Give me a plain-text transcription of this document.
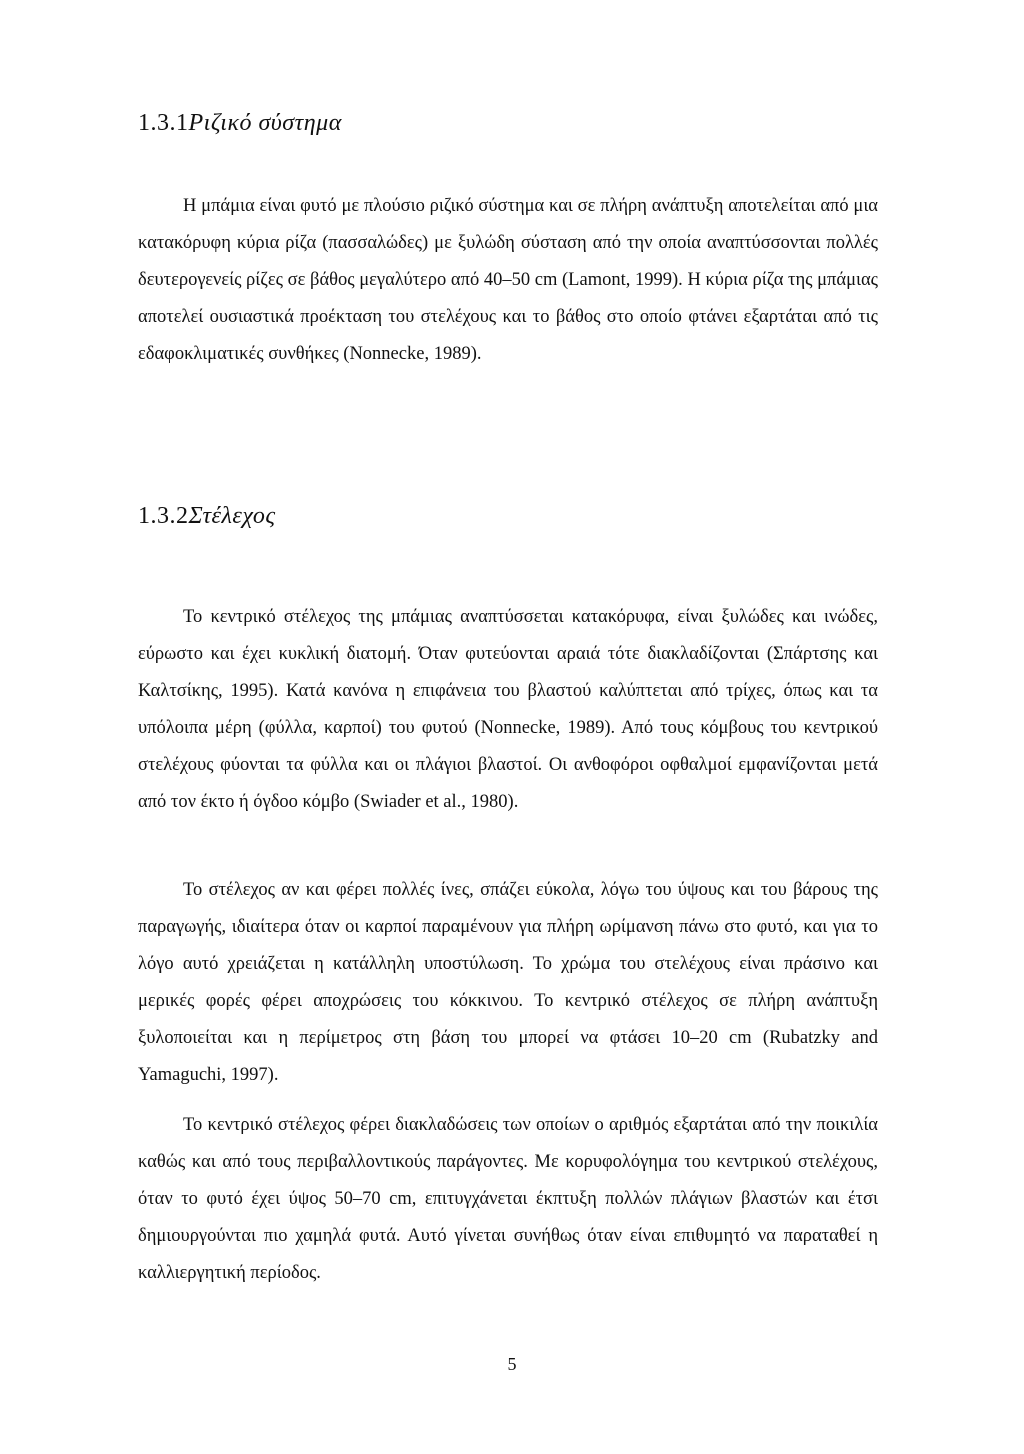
1.3.1Ριζικό σύστημα

Η μπάμια είναι φυτό με πλούσιο ριζικό σύστημα και σε πλήρη ανάπτυξη αποτελείται από μια κατακόρυφη κύρια ρίζα (πασσαλώδες) με ξυλώδη σύσταση από την οποία αναπτύσσονται πολλές δευτερογενείς ρίζες σε βάθος μεγαλύτερο από 40–50 cm (Lamont, 1999). Η κύρια ρίζα της μπάμιας αποτελεί ουσιαστικά προέκταση του στελέχους και το βάθος στο οποίο φτάνει εξαρτάται από τις εδαφοκλιματικές συνθήκες (Nonnecke, 1989).

1.3.2Στέλεχος

Το κεντρικό στέλεχος της μπάμιας αναπτύσσεται κατακόρυφα, είναι ξυλώδες και ινώδες, εύρωστο και έχει κυκλική διατομή. Όταν φυτεύονται αραιά τότε διακλαδίζονται (Σπάρτσης και Καλτσίκης, 1995). Κατά κανόνα η επιφάνεια του βλαστού καλύπτεται από τρίχες, όπως και τα υπόλοιπα μέρη (φύλλα, καρποί) του φυτού (Nonnecke, 1989). Από τους κόμβους του κεντρικού στελέχους φύονται τα φύλλα και οι πλάγιοι βλαστοί. Οι ανθοφόροι οφθαλμοί εμφανίζονται μετά από τον έκτο ή όγδοο κόμβο (Swiader et al., 1980).

Το στέλεχος αν και φέρει πολλές ίνες, σπάζει εύκολα, λόγω του ύψους και του βάρους της παραγωγής, ιδιαίτερα όταν οι καρποί παραμένουν για πλήρη ωρίμανση πάνω στο φυτό, και για το λόγο αυτό χρειάζεται η κατάλληλη υποστύλωση. Το χρώμα του στελέχους είναι πράσινο και μερικές φορές φέρει αποχρώσεις του κόκκινου. Το κεντρικό στέλεχος σε πλήρη ανάπτυξη ξυλοποιείται και η περίμετρος στη βάση του μπορεί να φτάσει 10–20 cm (Rubatzky and Yamaguchi, 1997).

Το κεντρικό στέλεχος φέρει διακλαδώσεις των οποίων ο αριθμός εξαρτάται από την ποικιλία καθώς και από τους περιβαλλοντικούς παράγοντες. Με κορυφολόγημα του κεντρικού στελέχους, όταν το φυτό έχει ύψος 50–70 cm, επιτυγχάνεται έκπτυξη πολλών πλάγιων βλαστών και έτσι δημιουργούνται πιο χαμηλά φυτά. Αυτό γίνεται συνήθως όταν είναι επιθυμητό να παραταθεί η καλλιεργητική περίοδος.

5
